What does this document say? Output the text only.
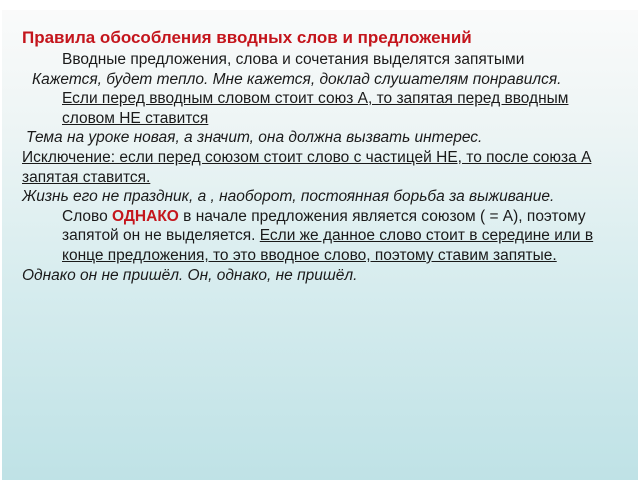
Правила обособления вводных слов и предложений

Вводные предложения, слова и сочетания выделятся запятыми

Кажется, будет тепло. Мне кажется, доклад слушателям понравился.

Если перед вводным словом стоит союз А, то запятая перед вводным словом НЕ ставится

Тема на уроке новая, а значит, она должна вызвать интерес.

Исключение: если перед союзом стоит слово с частицей НЕ, то после союза А запятая ставится.

Жизнь его не праздник, а , наоборот, постоянная борьба за выживание.

Слово ОДНАКО в начале предложения является союзом ( = А), поэтому запятой он не выделяется. Если же данное слово стоит в середине или в конце предложения, то это вводное слово, поэтому ставим запятые.

Однако он не пришёл. Он, однако, не пришёл.
